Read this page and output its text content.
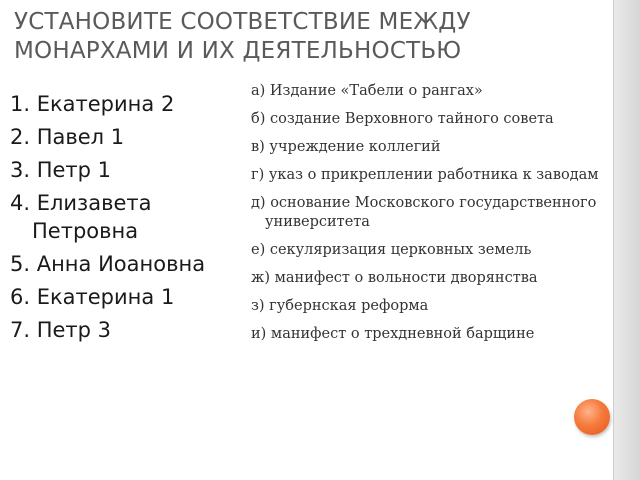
УСТАНОВИТЕ СООТВЕТСТВИЕ МЕЖДУ
МОНАРХАМИ И ИХ ДЕЯТЕЛЬНОСТЬЮ
1. Екатерина 2
2. Павел 1
3. Петр 1
4. Елизавета Петровна
5. Анна Иоановна
6. Екатерина 1
7. Петр 3
а) Издание «Табели о рангах»
б) создание Верховного тайного совета
в) учреждение коллегий
г) указ о прикреплении работника к заводам
д) основание Московского государственного университета
е) секуляризация церковных земель
ж) манифест о вольности дворянства
з) губернская реформа
и) манифест о трехдневной барщине
